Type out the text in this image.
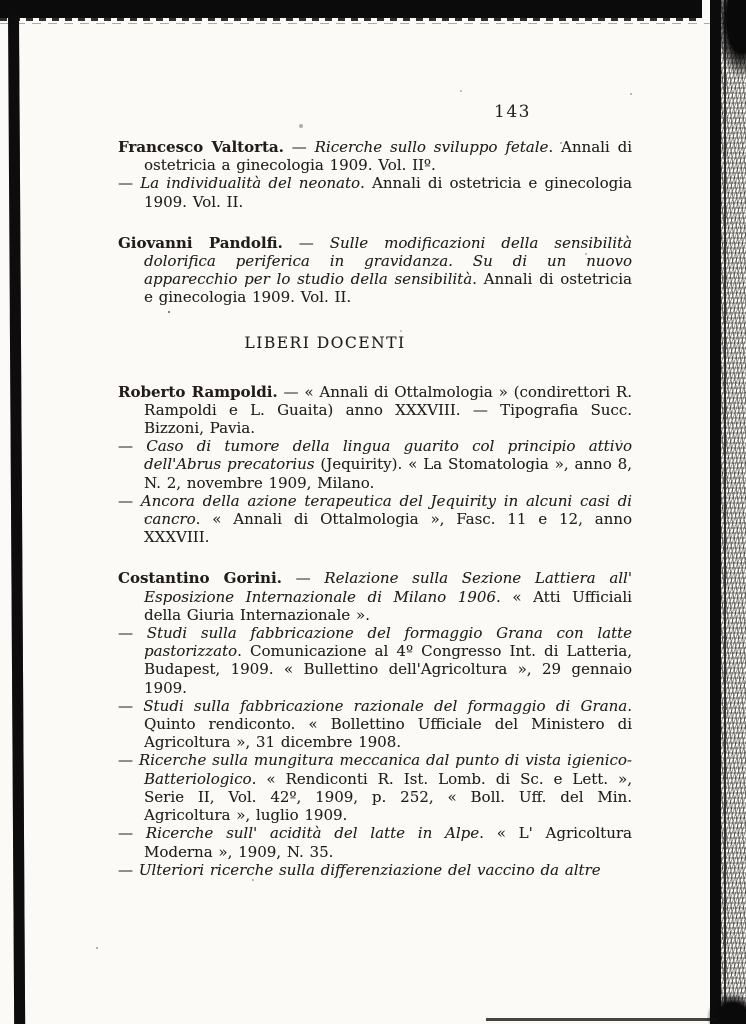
143

Francesco Valtorta. — Ricerche sullo sviluppo fetale. Annali di ostetricia a ginecologia 1909. Vol. IIº.

— La individualità del neonato. Annali di ostetricia e ginecologia 1909. Vol. II.

Giovanni Pandolfi. — Sulle modificazioni della sensibilità dolorifica periferica in gravidanza. Su di un nuovo apparecchio per lo studio della sensibilità. Annali di ostetricia e ginecologia 1909. Vol. II.

LIBERI DOCENTI

Roberto Rampoldi. — « Annali di Ottalmologia » (condirettori R. Rampoldi e L. Guaita) anno XXXVIII. — Tipografia Succ. Bizzoni, Pavia.

— Caso di tumore della lingua guarito col principio attivo dell'Abrus precatorius (Jequirity). « La Stomatologia », anno 8, N. 2, novembre 1909, Milano.

— Ancora della azione terapeutica del Jequirity in alcuni casi di cancro. « Annali di Ottalmologia », Fasc. 11 e 12, anno XXXVIII.

Costantino Gorini. — Relazione sulla Sezione Lattiera all' Esposizione Internazionale di Milano 1906. « Atti Ufficiali della Giuria Internazionale ».

— Studi sulla fabbricazione del formaggio Grana con latte pastorizzato. Comunicazione al 4º Congresso Int. di Latteria, Budapest, 1909. « Bullettino dell'Agricoltura », 29 gennaio 1909.

— Studi sulla fabbricazione razionale del formaggio di Grana. Quinto rendiconto. « Bollettino Ufficiale del Ministero di Agricoltura », 31 dicembre 1908.

— Ricerche sulla mungitura meccanica dal punto di vista igienico-Batteriologico. « Rendiconti R. Ist. Lomb. di Sc. e Lett. », Serie II, Vol. 42º, 1909, p. 252, « Boll. Uff. del Min. Agricoltura », luglio 1909.

— Ricerche sull' acidità del latte in Alpe. « L' Agricoltura Moderna », 1909, N. 35.

— Ulteriori ricerche sulla differenziazione del vaccino da altre
